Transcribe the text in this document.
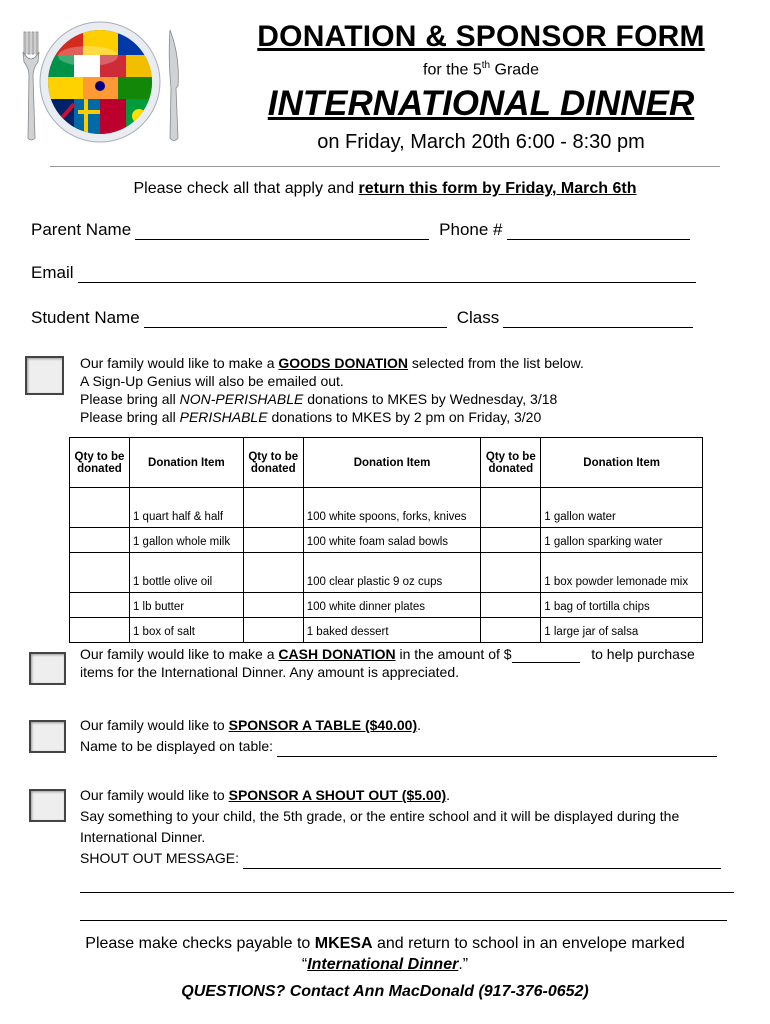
DONATION & SPONSOR FORM
for the 5th Grade
INTERNATIONAL DINNER
on Friday, March 20th 6:00 - 8:30 pm
Please check all that apply and return this form by Friday, March 6th
Parent Name	Phone #
Email
Student Name	Class
Our family would like to make a GOODS DONATION selected from the list below.
A Sign-Up Genius will also be emailed out.
Please bring all NON-PERISHABLE donations to MKES by Wednesday, 3/18
Please bring all PERISHABLE donations to MKES by 2 pm on Friday, 3/20
Qty to be donated	Donation Item	Qty to be donated	Donation Item	Qty to be donated	Donation Item
	1 quart half & half		100 white spoons, forks, knives		1 gallon water
	1 gallon whole milk		100 white foam salad bowls		1 gallon sparking water
	1 bottle olive oil		100 clear plastic 9 oz cups		1 box powder lemonade mix
	1 lb butter		100 white dinner plates		1 bag of tortilla chips
	1 box of salt		1 baked dessert		1 large jar of salsa
Our family would like to make a CASH DONATION in the amount of $	to help purchase
items for the International Dinner. Any amount is appreciated.
Our family would like to SPONSOR A TABLE ($40.00).
Name to be displayed on table:
Our family would like to SPONSOR A SHOUT OUT ($5.00).
Say something to your child, the 5th grade, or the entire school and it will be displayed during the
International Dinner.
SHOUT OUT MESSAGE:
Please make checks payable to MKESA and return to school in an envelope marked
“International Dinner.”
QUESTIONS? Contact Ann MacDonald (917-376-0652)
